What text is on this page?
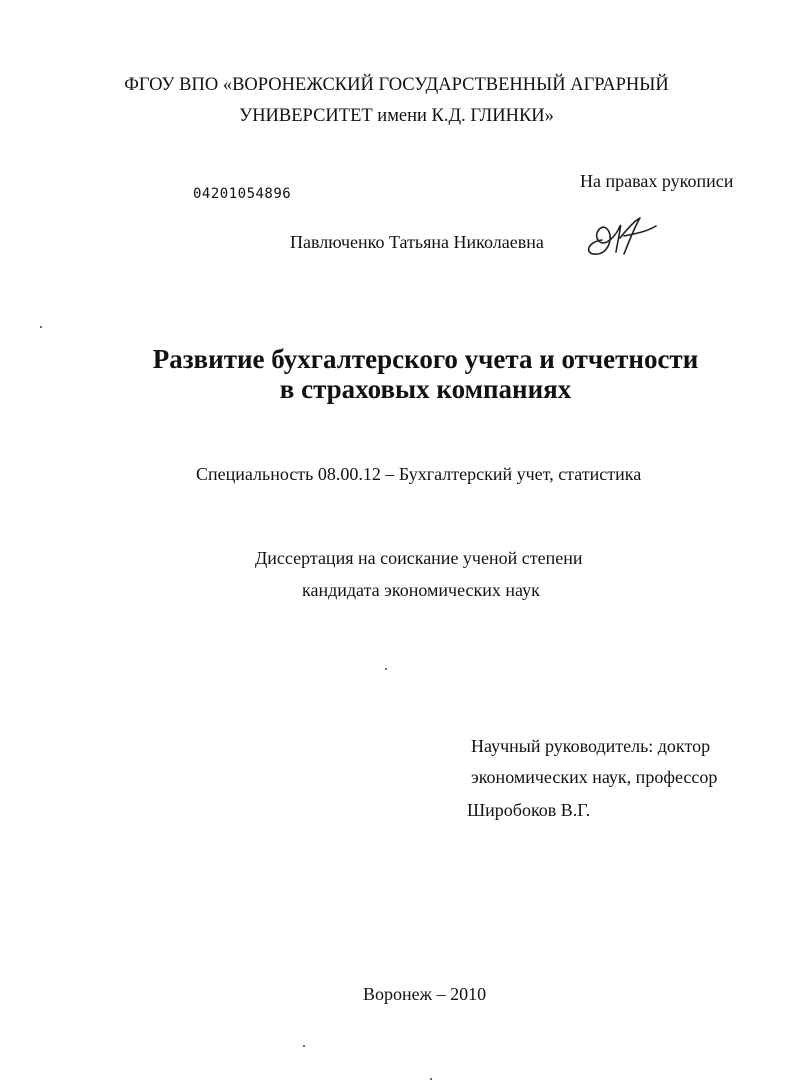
ФГОУ ВПО «ВОРОНЕЖСКИЙ ГОСУДАРСТВЕННЫЙ АГРАРНЫЙ
УНИВЕРСИТЕТ имени К.Д. ГЛИНКИ»
На правах рукописи
04201054896
Павлюченко Татьяна Николаевна
Развитие бухгалтерского учета и отчетности
в страховых компаниях
Специальность 08.00.12 – Бухгалтерский учет, статистика
Диссертация на соискание ученой степени
кандидата экономических наук
Научный руководитель: доктор
экономических наук, профессор
Широбоков В.Г.
Воронеж – 2010
